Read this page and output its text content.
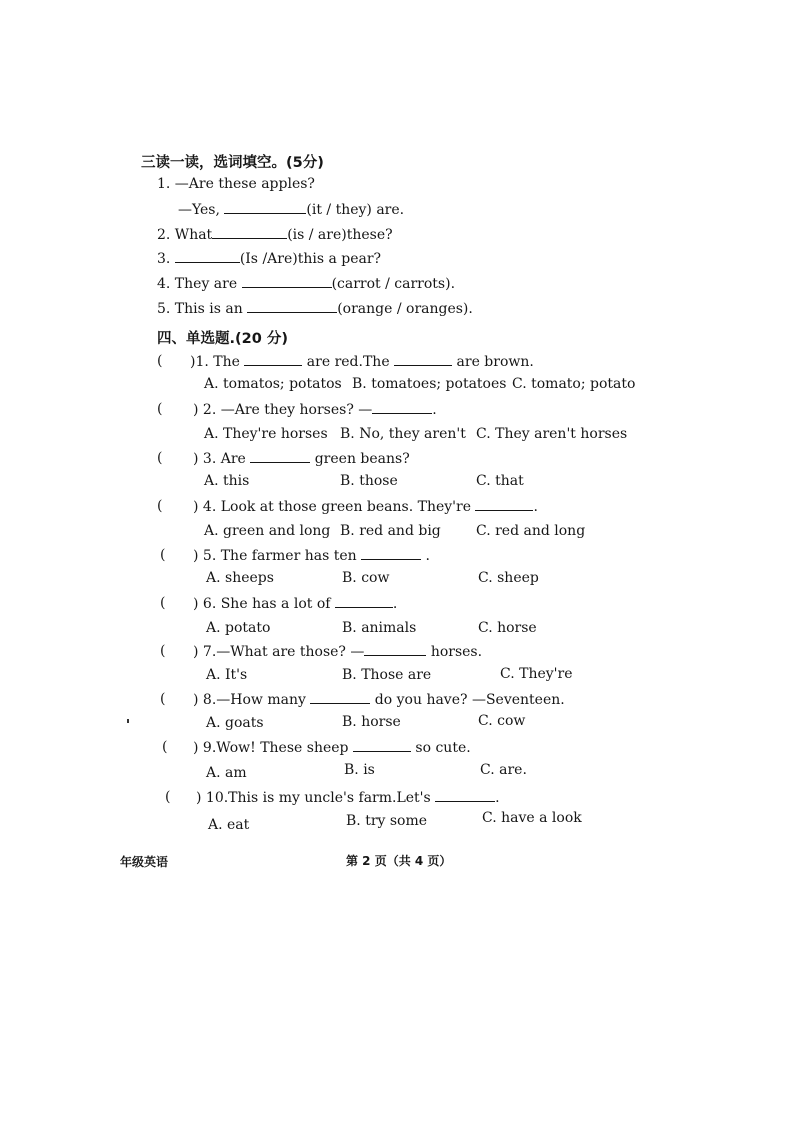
三读一读，选词填空。(5分)
1. —Are these apples?
—Yes,	(it / they) are.
2. What	(is / are)these?
3.	(Is /Are)this a pear?
4. They are	(carrot / carrots).
5. This is an	(orange / oranges).
四、单选题.(20 分)
( )1. The	are red.The	are brown.
A. tomatos; potatos B. tomatoes; potatoes C. tomato; potato
( ) 2. —Are they horses? —	.
A. They're horses B. No, they aren't C. They aren't horses
( ) 3. Are	green beans?
A. this	B. those	C. that
( ) 4. Look at those green beans. They're	.
A. green and long B. red and big	C. red and long
( ) 5. The farmer has ten	.
A. sheeps	B. cow	C. sheep
( ) 6. She has a lot of	.
A. potato	B. animals	C. horse
( ) 7.—What are those? —	horses.
A. It's	B. Those are	C. They're
( ) 8.—How many	do you have? —Seventeen.
A. goats	B. horse	C. cow
( ) 9.Wow! These sheep	so cute.
A. am	B. is	C. are.
( ) 10.This is my uncle's farm.Let's	.
A. eat	B. try some	C. have a look
年级英语	第 2 页（共 4 页）
